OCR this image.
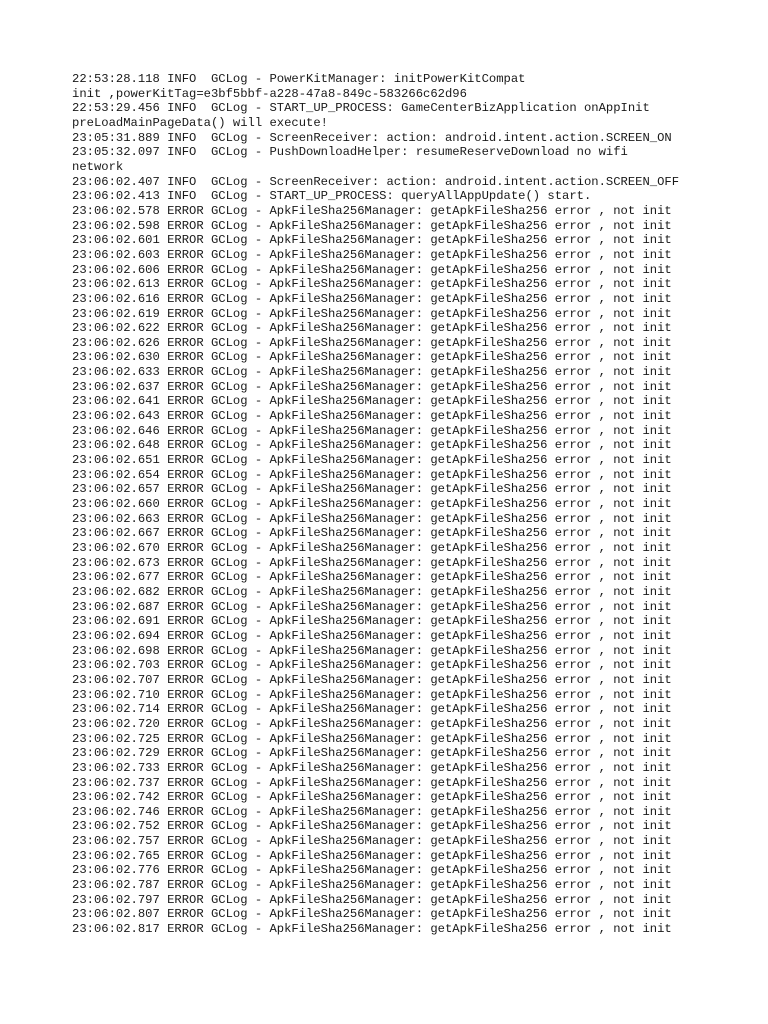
22:53:28.118 INFO  GCLog - PowerKitManager: initPowerKitCompat
init ,powerKitTag=e3bf5bbf-a228-47a8-849c-583266c62d96
22:53:29.456 INFO  GCLog - START_UP_PROCESS: GameCenterBizApplication onAppInit
preLoadMainPageData() will execute!
23:05:31.889 INFO  GCLog - ScreenReceiver: action: android.intent.action.SCREEN_ON
23:05:32.097 INFO  GCLog - PushDownloadHelper: resumeReserveDownload no wifi
network
23:06:02.407 INFO  GCLog - ScreenReceiver: action: android.intent.action.SCREEN_OFF
23:06:02.413 INFO  GCLog - START_UP_PROCESS: queryAllAppUpdate() start.
23:06:02.578 ERROR GCLog - ApkFileSha256Manager: getApkFileSha256 error , not init
23:06:02.598 ERROR GCLog - ApkFileSha256Manager: getApkFileSha256 error , not init
23:06:02.601 ERROR GCLog - ApkFileSha256Manager: getApkFileSha256 error , not init
23:06:02.603 ERROR GCLog - ApkFileSha256Manager: getApkFileSha256 error , not init
23:06:02.606 ERROR GCLog - ApkFileSha256Manager: getApkFileSha256 error , not init
23:06:02.613 ERROR GCLog - ApkFileSha256Manager: getApkFileSha256 error , not init
23:06:02.616 ERROR GCLog - ApkFileSha256Manager: getApkFileSha256 error , not init
23:06:02.619 ERROR GCLog - ApkFileSha256Manager: getApkFileSha256 error , not init
23:06:02.622 ERROR GCLog - ApkFileSha256Manager: getApkFileSha256 error , not init
23:06:02.626 ERROR GCLog - ApkFileSha256Manager: getApkFileSha256 error , not init
23:06:02.630 ERROR GCLog - ApkFileSha256Manager: getApkFileSha256 error , not init
23:06:02.633 ERROR GCLog - ApkFileSha256Manager: getApkFileSha256 error , not init
23:06:02.637 ERROR GCLog - ApkFileSha256Manager: getApkFileSha256 error , not init
23:06:02.641 ERROR GCLog - ApkFileSha256Manager: getApkFileSha256 error , not init
23:06:02.643 ERROR GCLog - ApkFileSha256Manager: getApkFileSha256 error , not init
23:06:02.646 ERROR GCLog - ApkFileSha256Manager: getApkFileSha256 error , not init
23:06:02.648 ERROR GCLog - ApkFileSha256Manager: getApkFileSha256 error , not init
23:06:02.651 ERROR GCLog - ApkFileSha256Manager: getApkFileSha256 error , not init
23:06:02.654 ERROR GCLog - ApkFileSha256Manager: getApkFileSha256 error , not init
23:06:02.657 ERROR GCLog - ApkFileSha256Manager: getApkFileSha256 error , not init
23:06:02.660 ERROR GCLog - ApkFileSha256Manager: getApkFileSha256 error , not init
23:06:02.663 ERROR GCLog - ApkFileSha256Manager: getApkFileSha256 error , not init
23:06:02.667 ERROR GCLog - ApkFileSha256Manager: getApkFileSha256 error , not init
23:06:02.670 ERROR GCLog - ApkFileSha256Manager: getApkFileSha256 error , not init
23:06:02.673 ERROR GCLog - ApkFileSha256Manager: getApkFileSha256 error , not init
23:06:02.677 ERROR GCLog - ApkFileSha256Manager: getApkFileSha256 error , not init
23:06:02.682 ERROR GCLog - ApkFileSha256Manager: getApkFileSha256 error , not init
23:06:02.687 ERROR GCLog - ApkFileSha256Manager: getApkFileSha256 error , not init
23:06:02.691 ERROR GCLog - ApkFileSha256Manager: getApkFileSha256 error , not init
23:06:02.694 ERROR GCLog - ApkFileSha256Manager: getApkFileSha256 error , not init
23:06:02.698 ERROR GCLog - ApkFileSha256Manager: getApkFileSha256 error , not init
23:06:02.703 ERROR GCLog - ApkFileSha256Manager: getApkFileSha256 error , not init
23:06:02.707 ERROR GCLog - ApkFileSha256Manager: getApkFileSha256 error , not init
23:06:02.710 ERROR GCLog - ApkFileSha256Manager: getApkFileSha256 error , not init
23:06:02.714 ERROR GCLog - ApkFileSha256Manager: getApkFileSha256 error , not init
23:06:02.720 ERROR GCLog - ApkFileSha256Manager: getApkFileSha256 error , not init
23:06:02.725 ERROR GCLog - ApkFileSha256Manager: getApkFileSha256 error , not init
23:06:02.729 ERROR GCLog - ApkFileSha256Manager: getApkFileSha256 error , not init
23:06:02.733 ERROR GCLog - ApkFileSha256Manager: getApkFileSha256 error , not init
23:06:02.737 ERROR GCLog - ApkFileSha256Manager: getApkFileSha256 error , not init
23:06:02.742 ERROR GCLog - ApkFileSha256Manager: getApkFileSha256 error , not init
23:06:02.746 ERROR GCLog - ApkFileSha256Manager: getApkFileSha256 error , not init
23:06:02.752 ERROR GCLog - ApkFileSha256Manager: getApkFileSha256 error , not init
23:06:02.757 ERROR GCLog - ApkFileSha256Manager: getApkFileSha256 error , not init
23:06:02.765 ERROR GCLog - ApkFileSha256Manager: getApkFileSha256 error , not init
23:06:02.776 ERROR GCLog - ApkFileSha256Manager: getApkFileSha256 error , not init
23:06:02.787 ERROR GCLog - ApkFileSha256Manager: getApkFileSha256 error , not init
23:06:02.797 ERROR GCLog - ApkFileSha256Manager: getApkFileSha256 error , not init
23:06:02.807 ERROR GCLog - ApkFileSha256Manager: getApkFileSha256 error , not init
23:06:02.817 ERROR GCLog - ApkFileSha256Manager: getApkFileSha256 error , not init
